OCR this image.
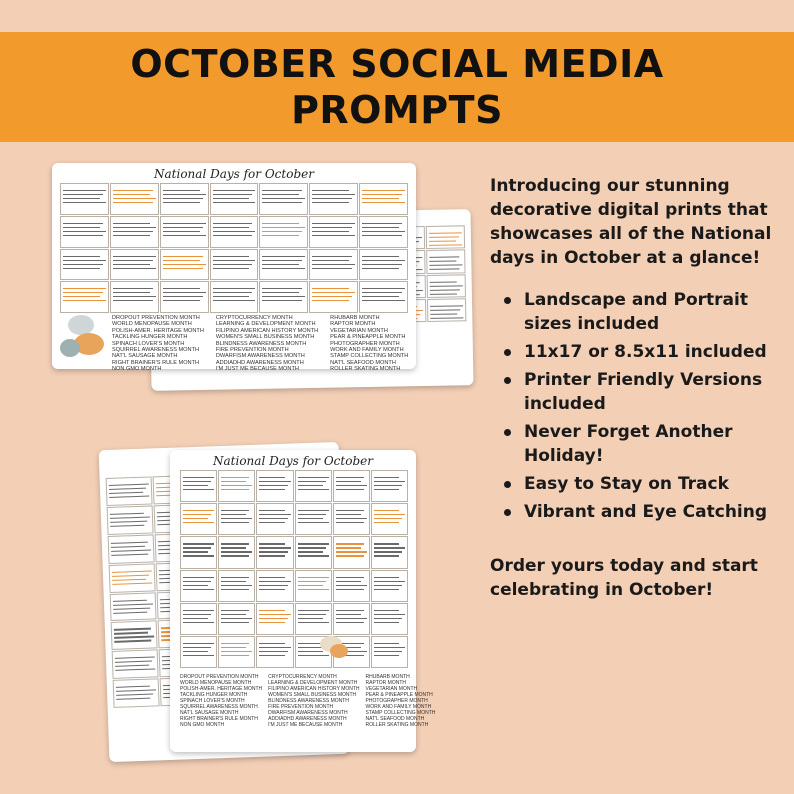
OCTOBER SOCIAL MEDIA
PROMPTS
National Days for October
DROPOUT PREVENTION MONTH
WORLD MENOPAUSE MONTH
POLISH-AMER. HERITAGE MONTH
TACKLING HUNGER MONTH
SPINACH LOVER'S MONTH
SQUIRREL AWARENESS MONTH
NAT'L SAUSAGE MONTH
RIGHT BRAINER'S RULE MONTH
NON GMO MONTH
CRYPTOCURRENCY MONTH
LEARNING & DEVELOPMENT MONTH
FILIPINO AMERICAN HISTORY MONTH
WOMEN'S SMALL BUSINESS MONTH
BLINDNESS AWARENESS MONTH
FIRE PREVENTION MONTH
DWARFISM AWARENESS MONTH
ADDIADHD AWARENESS MONTH
I'M JUST ME BECAUSE MONTH
RHUBARB MONTH
RAPTOR MONTH
VEGETARIAN MONTH
PEAR & PINEAPPLE MONTH
PHOTOGRAPHER MONTH
WORK AND FAMILY MONTH
STAMP COLLECTING MONTH
NAT'L SEAFOOD MONTH
ROLLER SKATING MONTH
National Days for October
DROPOUT PREVENTION MONTH
WORLD MENOPAUSE MONTH
POLISH-AMER. HERITAGE MONTH
TACKLING HUNGER MONTH
SPINACH LOVER'S MONTH
SQUIRREL AWARENESS MONTH
NAT'L SAUSAGE MONTH
RIGHT BRAINER'S RULE MONTH
NON GMO MONTH
CRYPTOCURRENCY MONTH
LEARNING & DEVELOPMENT MONTH
FILIPINO AMERICAN HISTORY MONTH
WOMEN'S SMALL BUSINESS MONTH
BLINDNESS AWARENESS MONTH
FIRE PREVENTION MONTH
DWARFISM AWARENESS MONTH
ADDIADHD AWARENESS MONTH
I'M JUST ME BECAUSE MONTH
RHUBARB MONTH
RAPTOR MONTH
VEGETARIAN MONTH
PEAR & PINEAPPLE MONTH
PHOTOGRAPHER MONTH
WORK AND FAMILY MONTH
STAMP COLLECTING MONTH
NAT'L SEAFOOD MONTH
ROLLER SKATING MONTH

Introducing our stunning decorative digital prints that showcases all of the National days in October at a glance!

Landscape and Portrait sizes included
11x17 or 8.5x11 included
Printer Friendly Versions included
Never Forget Another Holiday!
Easy to Stay on Track
Vibrant and Eye Catching
Order yours today and start celebrating in October!
